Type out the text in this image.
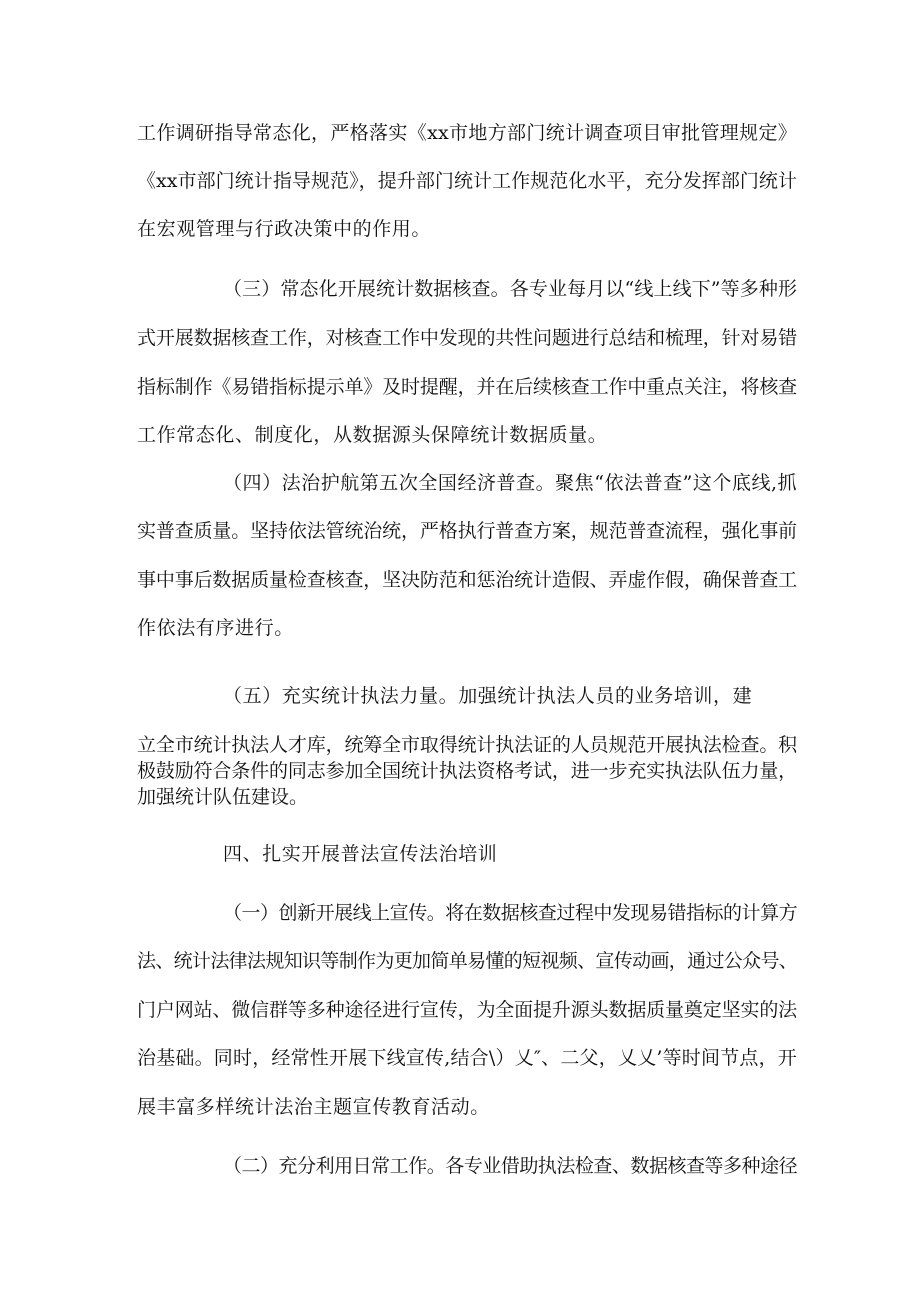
工作调研指导常态化，严格落实《xx市地方部门统计调查项目审批管理规定》
《xx市部门统计指导规范》，提升部门统计工作规范化水平，充分发挥部门统计
在宏观管理与行政决策中的作用。
（三）常态化开展统计数据核查。各专业每月以“线上线下”等多种形
式开展数据核查工作，对核查工作中发现的共性问题进行总结和梳理，针对易错
指标制作《易错指标提示单》及时提醒，并在后续核查工作中重点关注，将核查
工作常态化、制度化，从数据源头保障统计数据质量。
（四）法治护航第五次全国经济普查。聚焦“依法普查”这个底线,抓
实普查质量。坚持依法管统治统，严格执行普查方案，规范普查流程，强化事前
事中事后数据质量检查核查，坚决防范和惩治统计造假、弄虚作假，确保普查工
作依法有序进行。
（五）充实统计执法力量。加强统计执法人员的业务培训，建
立全市统计执法人才库，统筹全市取得统计执法证的人员规范开展执法检查。积
极鼓励符合条件的同志参加全国统计执法资格考试，进一步充实执法队伍力量，
加强统计队伍建设。
四、扎实开展普法宣传法治培训
（一）创新开展线上宣传。将在数据核查过程中发现易错指标的计算方
法、统计法律法规知识等制作为更加简单易懂的短视频、宣传动画，通过公众号、
门户网站、微信群等多种途径进行宣传，为全面提升源头数据质量奠定坚实的法
治基础。同时，经常性开展下线宣传,结合\）乂″、二父，乂乂’等时间节点，开
展丰富多样统计法治主题宣传教育活动。
（二）充分利用日常工作。各专业借助执法检查、数据核查等多种途径
